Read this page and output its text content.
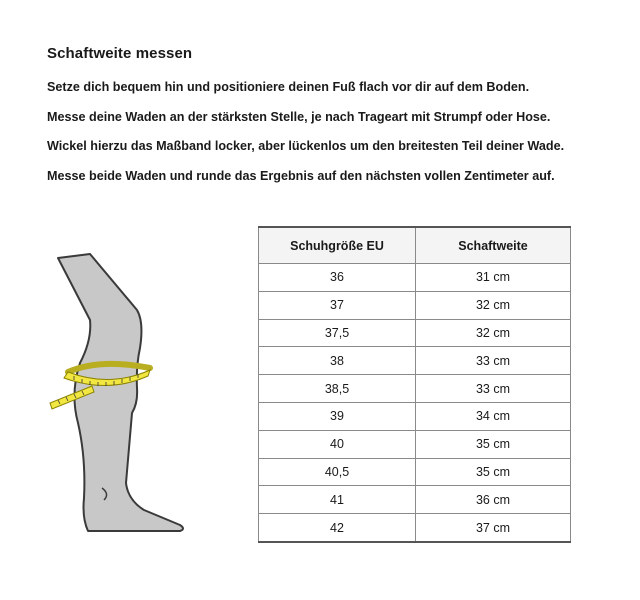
Schaftweite messen
Setze dich bequem hin und positioniere deinen Fuß flach vor dir auf dem Boden.
Messe deine Waden an der stärksten Stelle, je nach Trageart mit Strumpf oder Hose.
Wickel hierzu das Maßband locker, aber lückenlos um den breitesten Teil deiner Wade.
Messe beide Waden und runde das Ergebnis auf den nächsten vollen Zentimeter auf.
Schuhgröße EU	Schaftweite
36	31 cm
37	32 cm
37,5	32 cm
38	33 cm
38,5	33 cm
39	34 cm
40	35 cm
40,5	35 cm
41	36 cm
42	37 cm
